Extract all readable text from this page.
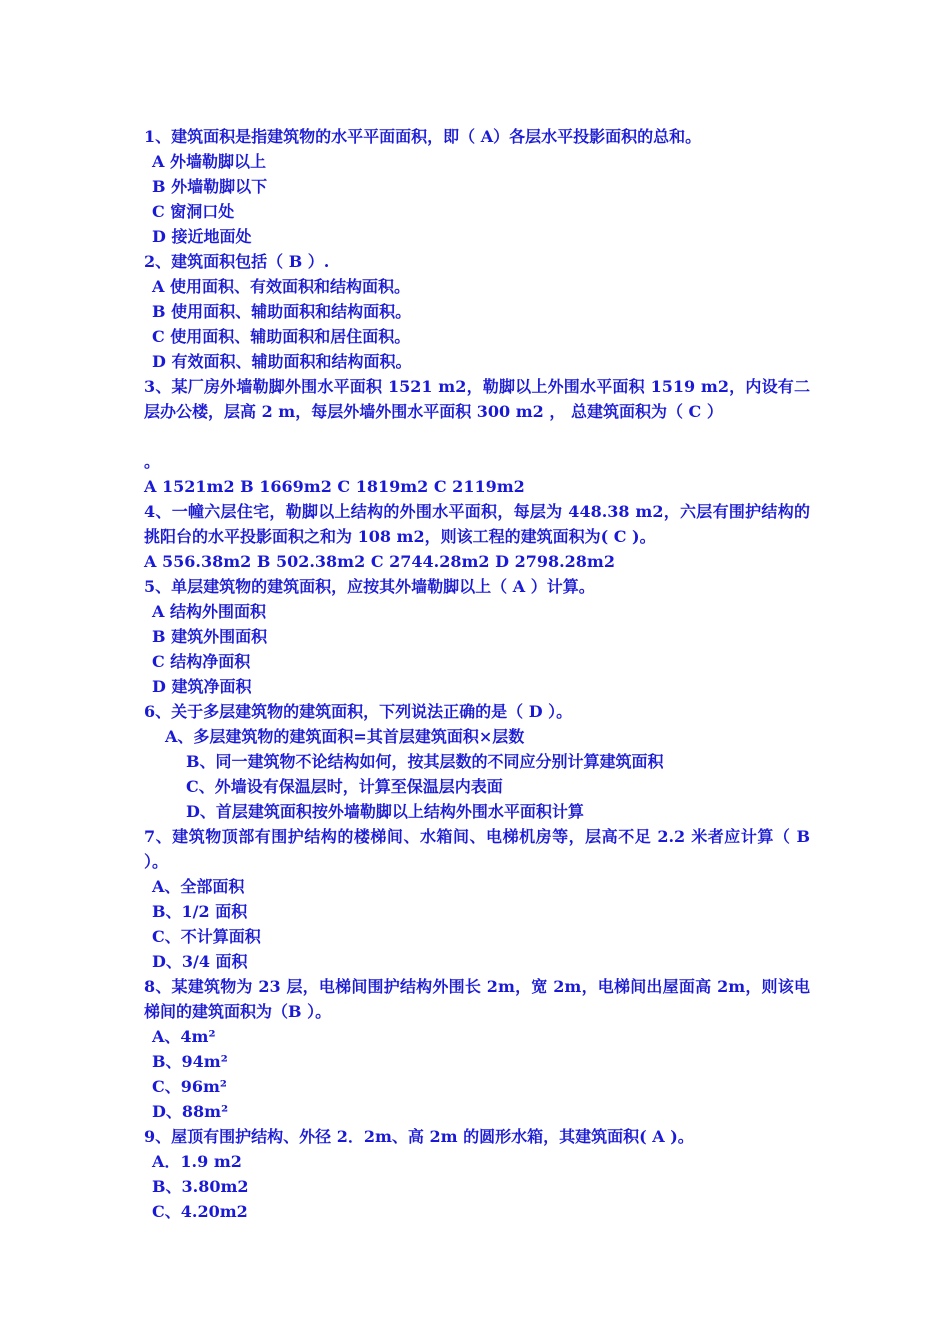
1、建筑面积是指建筑物的水平平面面积，即（ A）各层水平投影面积的总和。
A 外墙勒脚以上
B 外墙勒脚以下
C 窗洞口处
D 接近地面处
2、建筑面积包括（ B ）.
A 使用面积、有效面积和结构面积。
B 使用面积、辅助面积和结构面积。
C 使用面积、辅助面积和居住面积。
D 有效面积、辅助面积和结构面积。
3、某厂房外墙勒脚外围水平面积 1521 m2，勒脚以上外围水平面积 1519 m2，内设有二层办公楼，层高 2 m，每层外墙外围水平面积 300 m2 ， 总建筑面积为（ C ）
。
A 1521m2 B 1669m2 C 1819m2 C 2119m2
4、一幢六层住宅，勒脚以上结构的外围水平面积，每层为 448.38 m2，六层有围护结构的挑阳台的水平投影面积之和为 108 m2，则该工程的建筑面积为( C )。
A 556.38m2 B 502.38m2 C 2744.28m2 D 2798.28m2
5、单层建筑物的建筑面积，应按其外墙勒脚以上（ A ）计算。
A 结构外围面积
B 建筑外围面积
C 结构净面积
D 建筑净面积
6、关于多层建筑物的建筑面积，下列说法正确的是（ D ）。
A、多层建筑物的建筑面积=其首层建筑面积×层数
B、同一建筑物不论结构如何，按其层数的不同应分别计算建筑面积
C、外墙设有保温层时，计算至保温层内表面
D、首层建筑面积按外墙勒脚以上结构外围水平面积计算
7、建筑物顶部有围护结构的楼梯间、水箱间、电梯机房等，层高不足 2.2 米者应计算（ B ）。
A、全部面积
B、1/2 面积
C、不计算面积
D、3/4 面积
8、某建筑物为 23 层，电梯间围护结构外围长 2m，宽 2m，电梯间出屋面高 2m，则该电梯间的建筑面积为（B ）。
A、4m²
B、94m²
C、96m²
D、88m²
9、屋顶有围护结构、外径 2．2m、高 2m 的圆形水箱，其建筑面积( A )。
A．1.9 m2
B、3.80m2
C、4.20m2
